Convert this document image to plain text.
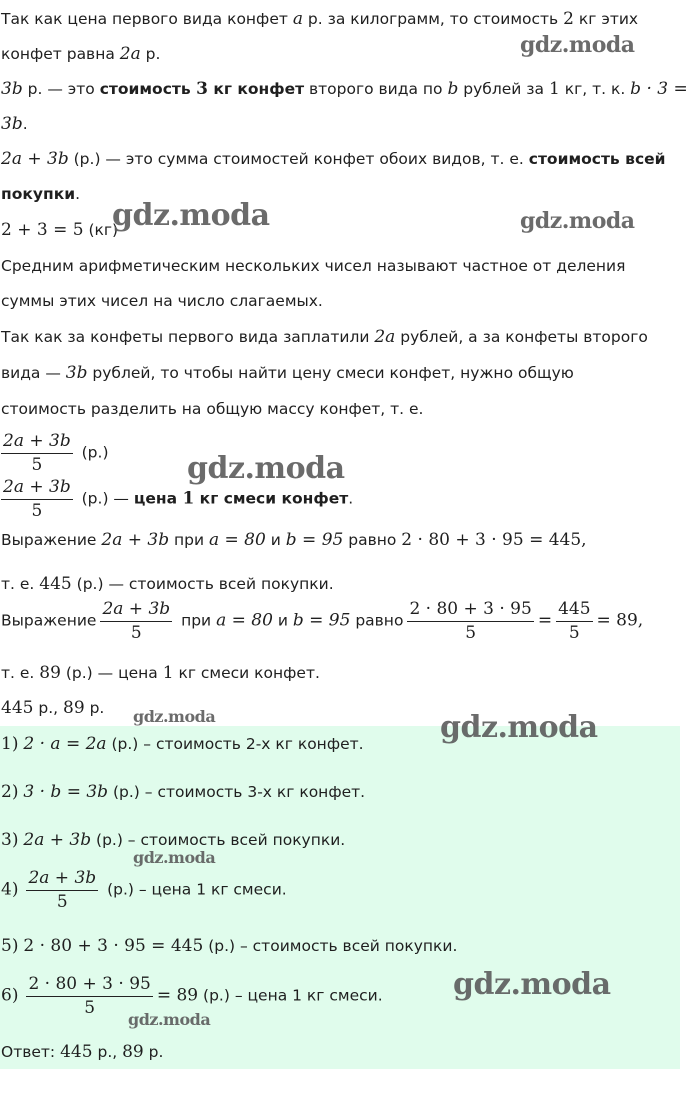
Так как цена первого вида конфет a р. за килограмм, то стоимость 2 кг этих
конфет равна 2a р.
3b р. — это стоимость 3 кг конфет второго вида по b рублей за 1 кг, т. к. b · 3 =
3b.
2a + 3b (р.) — это сумма стоимостей конфет обоих видов, т. е. стоимость всей
покупки.
2 + 3 = 5 (кг)
Средним арифметическим нескольких чисел называют частное от деления
суммы этих чисел на число слагаемых.
Так как за конфеты первого вида заплатили 2a рублей, а за конфеты второго
вида — 3b рублей, то чтобы найти цену смеси конфет, нужно общую
стоимость разделить на общую массу конфет, т. е.
$\frac{2a + 3b}{5} (р.)$
$\frac{2a + 3b}{5} (р.)$ — цена 1 кг смеси конфет.
Выражение 2a + 3b при a = 80 и b = 95 равно 2 · 80 + 3 · 95 = 445,
т. е. 445 (р.) — стоимость всей покупки.
Выражение $\frac{2a + 3b}{5}$ при a = 80 и b = 95 равно $\frac{2 \cdot 80 + 3 \cdot 95}{5} = \frac{445}{5} = 89$,
т. е. 89 (р.) — цена 1 кг смеси конфет.
445 р., 89 р.
1) 2 · a = 2a (р.) – стоимость 2-х кг конфет.
2) 3 · b = 3b (р.) – стоимость 3-х кг конфет.
3) 2a + 3b (р.) – стоимость всей покупки.
$4) \frac{2a + 3b}{5} (р.)$ – цена 1 кг смеси.
5) 2 · 80 + 3 · 95 = 445 (р.) – стоимость всей покупки.
$6) \frac{2 \cdot 80 + 3 \cdot 95}{5} = 89$ (р.) – цена 1 кг смеси.
Ответ: 445 р., 89 р.
gdz.moda
gdz.moda	gdz.moda
gdz.moda
gdz.moda	gdz.moda
gdz.moda
gdz.moda
gdz.moda
